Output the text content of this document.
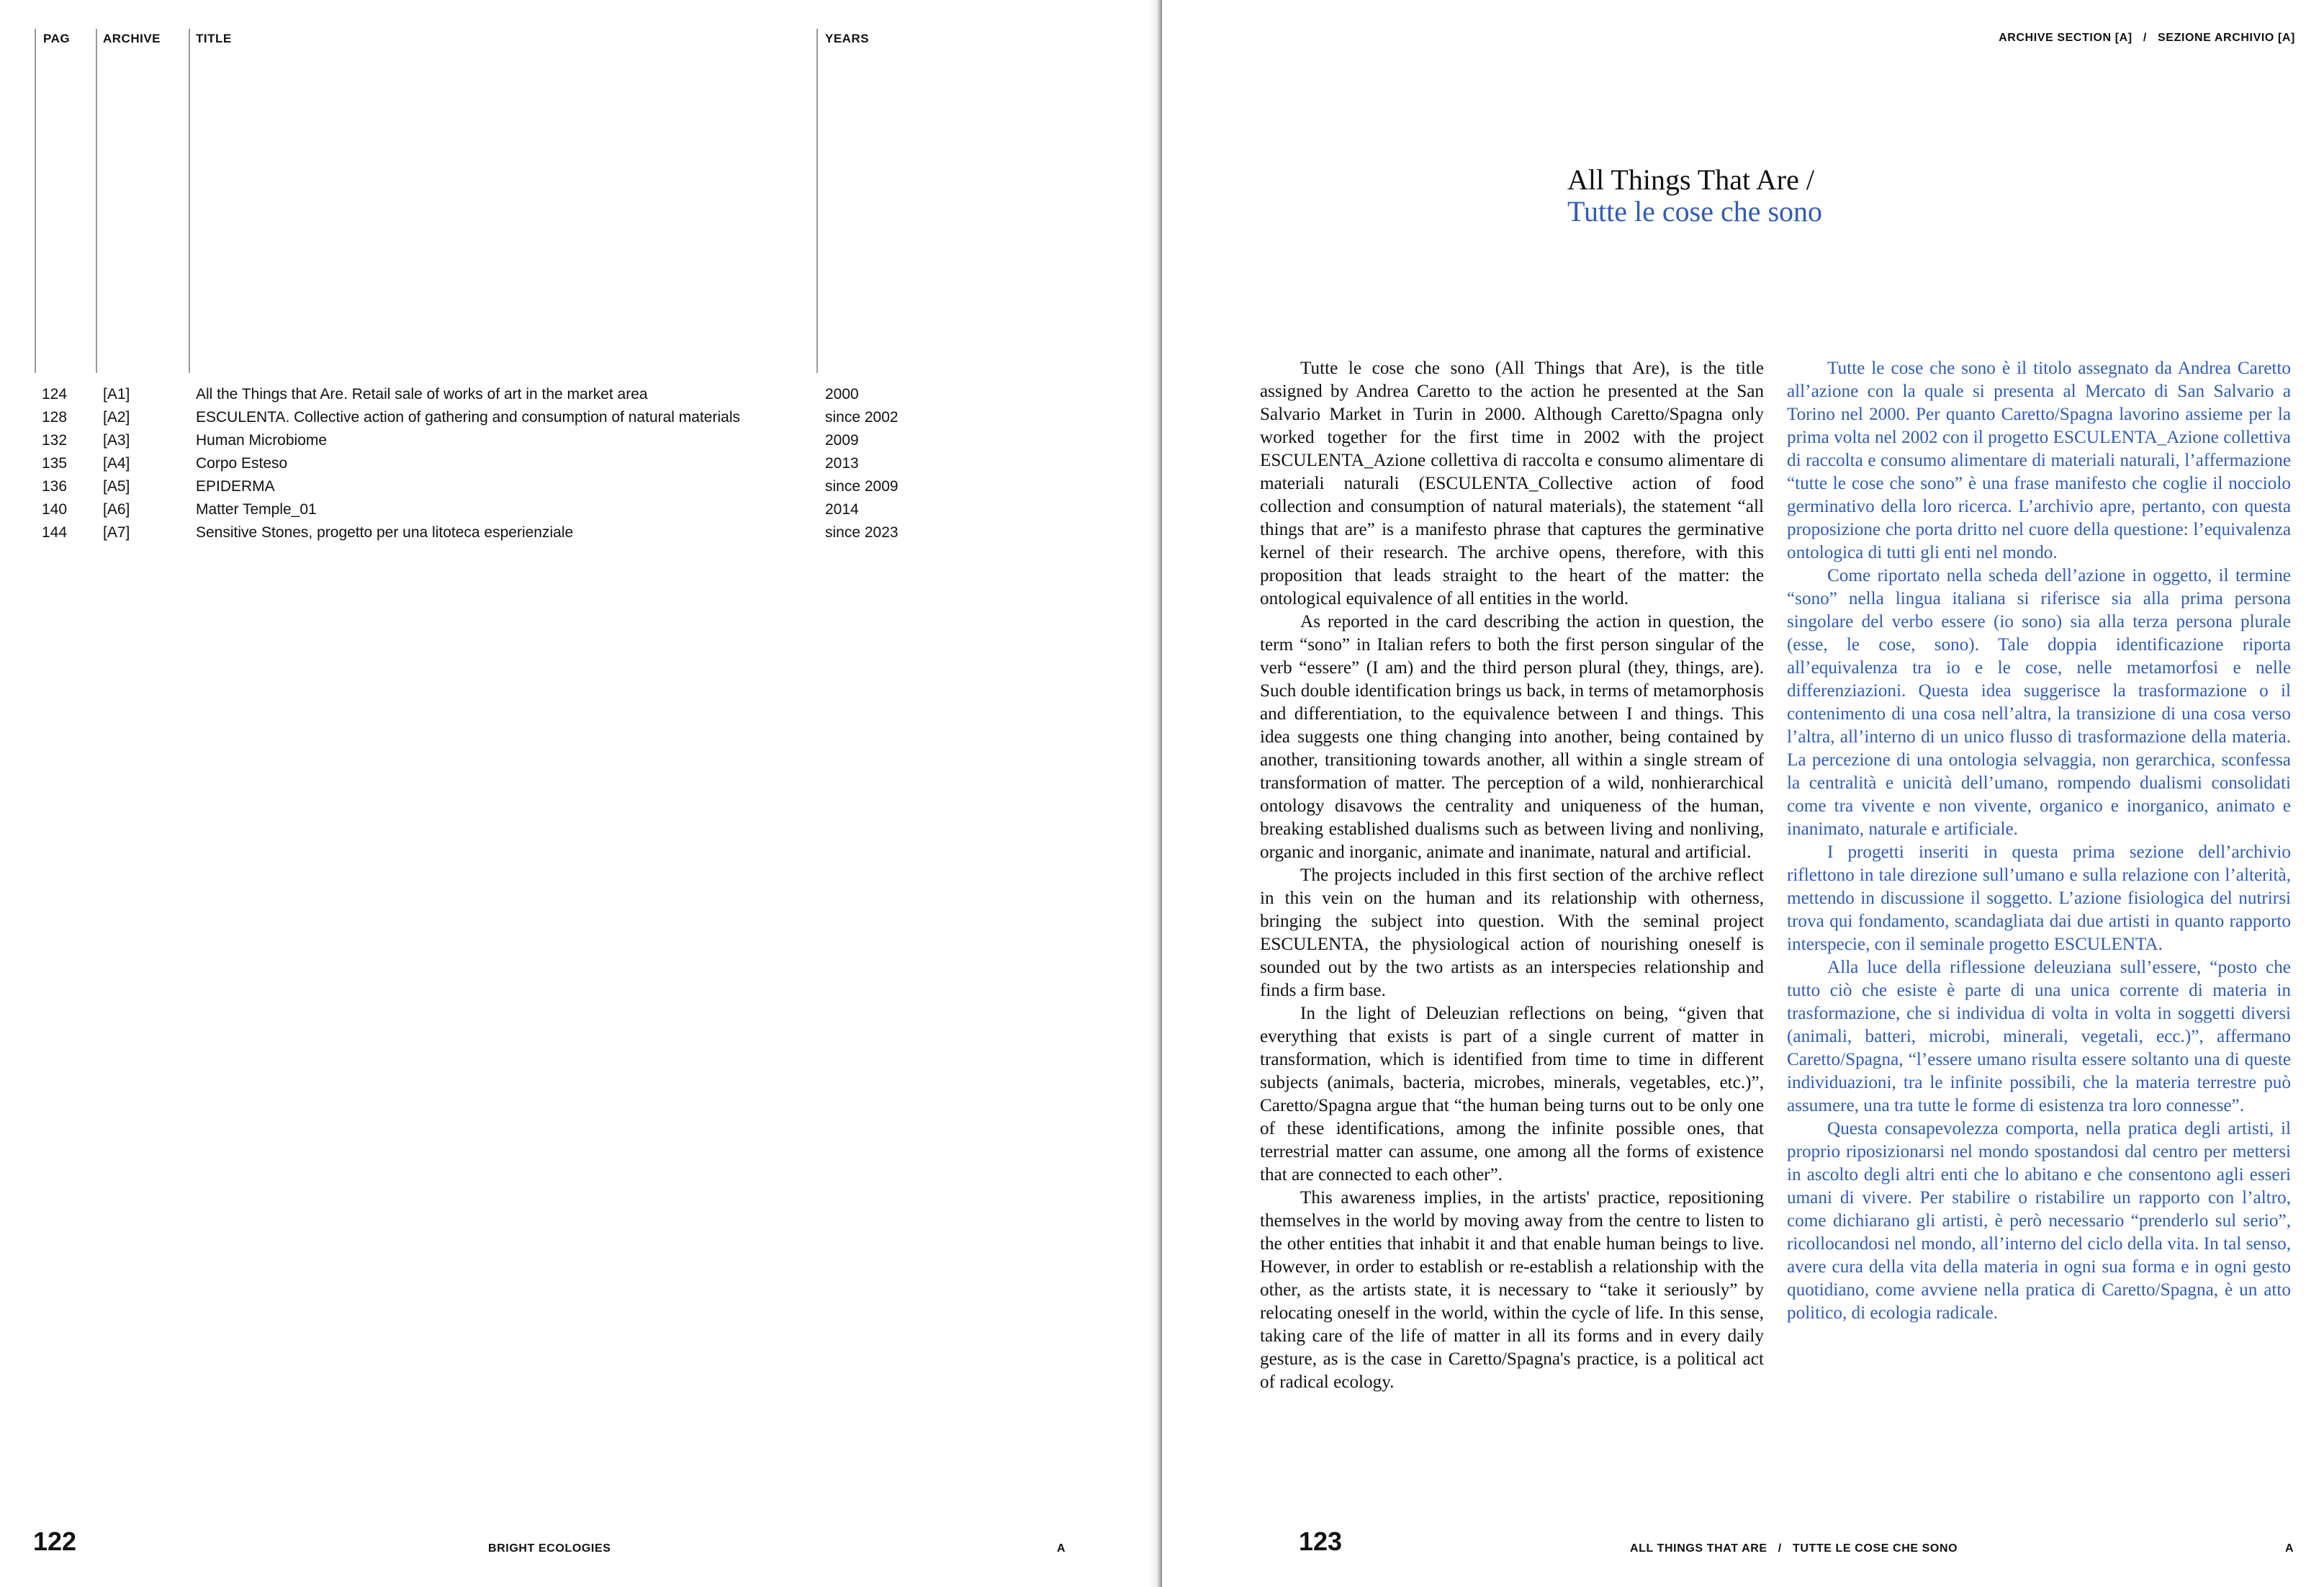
PAG	ARCHIVE	TITLE	YEARS
124 [A1]	All the Things that Are. Retail sale of works of art in the market area	2000
128 [A2]	ESCULENTA. Collective action of gathering and consumption of natural materials	since 2002
132 [A3]	Human Microbiome	2009
135 [A4]	Corpo Esteso	2013
136 [A5]	EPIDERMA	since 2009
140 [A6]	Matter Temple_01	2014
144 [A7]	Sensitive Stones, progetto per una litoteca esperienziale	since 2023
122	BRIGHT ECOLOGIES	A
ARCHIVE SECTION [A]   /   SEZIONE ARCHIVIO [A]
All Things That Are /
Tutte le cose che sono

Tutte le cose che sono (All Things that Are), is the title assigned by Andrea Caretto to the action he presented at the San Salvario Market in Turin in 2000. Although Caretto/Spagna only worked together for the first time in 2002 with the project ESCULENTA_Azione collettiva di raccolta e consumo alimentare di materiali naturali (ESCULENTA_Collective action of food collection and consumption of natural materials), the statement “all things that are” is a manifesto phrase that captures the germinative kernel of their research. The archive opens, therefore, with this proposition that leads straight to the heart of the matter: the ontological equivalence of all entities in the world.

As reported in the card describing the action in question, the term “sono” in Italian refers to both the first person singular of the verb “essere” (I am) and the third person plural (they, things, are). Such double identification brings us back, in terms of metamorphosis and differentiation, to the equivalence between I and things. This idea suggests one thing changing into another, being contained by another, transitioning towards another, all within a single stream of transformation of matter. The perception of a wild, nonhierarchical ontology disavows the centrality and uniqueness of the human, breaking established dualisms such as between living and nonliving, organic and inorganic, animate and inanimate, natural and artificial.

The projects included in this first section of the archive reflect in this vein on the human and its relationship with otherness, bringing the subject into question. With the seminal project ESCULENTA, the physiological action of nourishing oneself is sounded out by the two artists as an interspecies relationship and finds a firm base.

In the light of Deleuzian reflections on being, “given that everything that exists is part of a single current of matter in transformation, which is identified from time to time in different subjects (animals, bacteria, microbes, minerals, vegetables, etc.)”, Caretto/Spagna argue that “the human being turns out to be only one of these identifications, among the infinite possible ones, that terrestrial matter can assume, one among all the forms of existence that are connected to each other”.

This awareness implies, in the artists' practice, repositioning themselves in the world by moving away from the centre to listen to the other entities that inhabit it and that enable human beings to live. However, in order to establish or re-establish a relationship with the other, as the artists state, it is necessary to “take it seriously” by relocating oneself in the world, within the cycle of life. In this sense, taking care of the life of matter in all its forms and in every daily gesture, as is the case in Caretto/Spagna's practice, is a political act of radical ecology.

Tutte le cose che sono è il titolo assegnato da Andrea Caretto all’azione con la quale si presenta al Mercato di San Salvario a Torino nel 2000. Per quanto Caretto/Spagna lavorino assieme per la prima volta nel 2002 con il progetto ESCULENTA_Azione collettiva di raccolta e consumo alimentare di materiali naturali, l’affermazione “tutte le cose che sono” è una frase manifesto che coglie il nocciolo germinativo della loro ricerca. L’archivio apre, pertanto, con questa proposizione che porta dritto nel cuore della questione: l’equivalenza ontologica di tutti gli enti nel mondo.

Come riportato nella scheda dell’azione in oggetto, il termine “sono” nella lingua italiana si riferisce sia alla prima persona singolare del verbo essere (io sono) sia alla terza persona plurale (esse, le cose, sono). Tale doppia identificazione riporta all’equivalenza tra io e le cose, nelle metamorfosi e nelle differenziazioni. Questa idea suggerisce la trasformazione o il contenimento di una cosa nell’altra, la transizione di una cosa verso l’altra, all’interno di un unico flusso di trasformazione della materia. La percezione di una ontologia selvaggia, non gerarchica, sconfessa la centralità e unicità dell’umano, rompendo dualismi consolidati come tra vivente e non vivente, organico e inorganico, animato e inanimato, naturale e artificiale.

I progetti inseriti in questa prima sezione dell’archivio riflettono in tale direzione sull’umano e sulla relazione con l’alterità, mettendo in discussione il soggetto. L’azione fisiologica del nutrirsi trova qui fondamento, scandagliata dai due artisti in quanto rapporto interspecie, con il seminale progetto ESCULENTA.

Alla luce della riflessione deleuziana sull’essere, “posto che tutto ciò che esiste è parte di una unica corrente di materia in trasformazione, che si individua di volta in volta in soggetti diversi (animali, batteri, microbi, minerali, vegetali, ecc.)”, affermano Caretto/Spagna, “l’essere umano risulta essere soltanto una di queste individuazioni, tra le infinite possibili, che la materia terrestre può assumere, una tra tutte le forme di esistenza tra loro connesse”.

Questa consapevolezza comporta, nella pratica degli artisti, il proprio riposizionarsi nel mondo spostandosi dal centro per mettersi in ascolto degli altri enti che lo abitano e che consentono agli esseri umani di vivere. Per stabilire o ristabilire un rapporto con l’altro, come dichiarano gli artisti, è però necessario “prenderlo sul serio”, ricollocandosi nel mondo, all’interno del ciclo della vita. In tal senso, avere cura della vita della materia in ogni sua forma e in ogni gesto quotidiano, come avviene nella pratica di Caretto/Spagna, è un atto politico, di ecologia radicale.

123	ALL THINGS THAT ARE   /   TUTTE LE COSE CHE SONO	A
